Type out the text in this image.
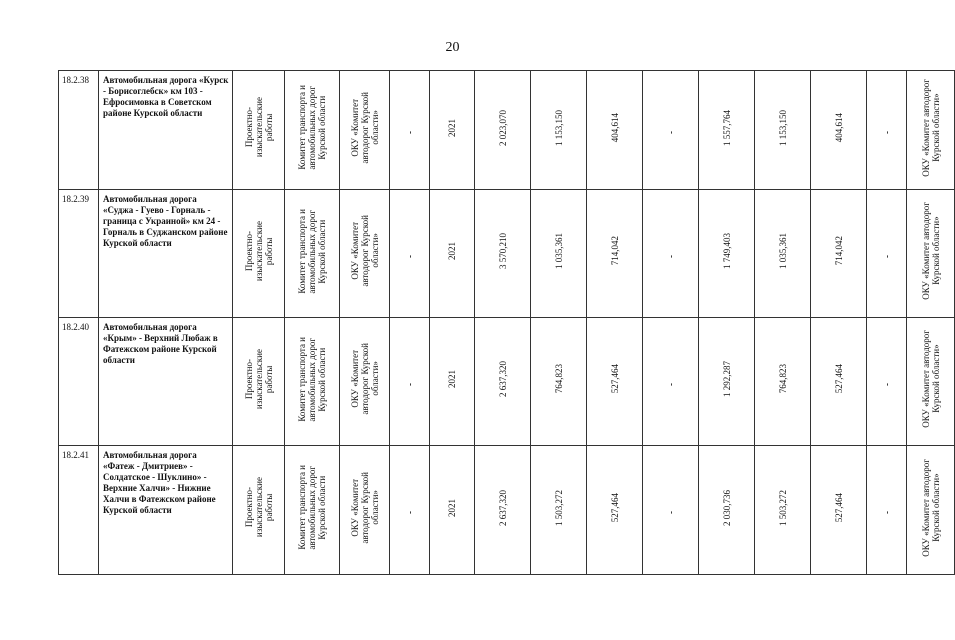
20
18.2.38	Автомобильная дорога «Курск - Борисоглебск» км 103 - Ефросимовка в Советском районе Курской области	Проектно-
изыскательские
работы	Комитет транспорта и
автомобильных дорог
Курской области	ОКУ «Комитет
автодорог Курской
области»	-	2021	2 023,070	1 153,150	404,614	-	1 557,764	1 153,150	404,614	-	ОКУ «Комитет автодорог
Курской области»
18.2.39	Автомобильная дорога «Суджа - Гуево - Горналь - граница с Украиной» км 24 - Горналь в Суджанском районе Курской области	Проектно-
изыскательские
работы	Комитет транспорта и
автомобильных дорог
Курской области	ОКУ «Комитет
автодорог Курской
области»	-	2021	3 570,210	1 035,361	714,042	-	1 749,403	1 035,361	714,042	-	ОКУ «Комитет автодорог
Курской области»
18.2.40	Автомобильная дорога «Крым» - Верхний Любаж в Фатежском районе Курской области	Проектно-
изыскательские
работы	Комитет транспорта и
автомобильных дорог
Курской области	ОКУ «Комитет
автодорог Курской
области»	-	2021	2 637,320	764,823	527,464	-	1 292,287	764,823	527,464	-	ОКУ «Комитет автодорог
Курской области»
18.2.41	Автомобильная дорога «Фатеж - Дмитриев» - Солдатское - Шуклино» - Верхние Халчи» - Нижние Халчи в Фатежском районе Курской области	Проектно-
изыскательские
работы	Комитет транспорта и
автомобильных дорог
Курской области	ОКУ «Комитет
автодорог Курской
области»	-	2021	2 637,320	1 503,272	527,464	-	2 030,736	1 503,272	527,464	-	ОКУ «Комитет автодорог
Курской области»
